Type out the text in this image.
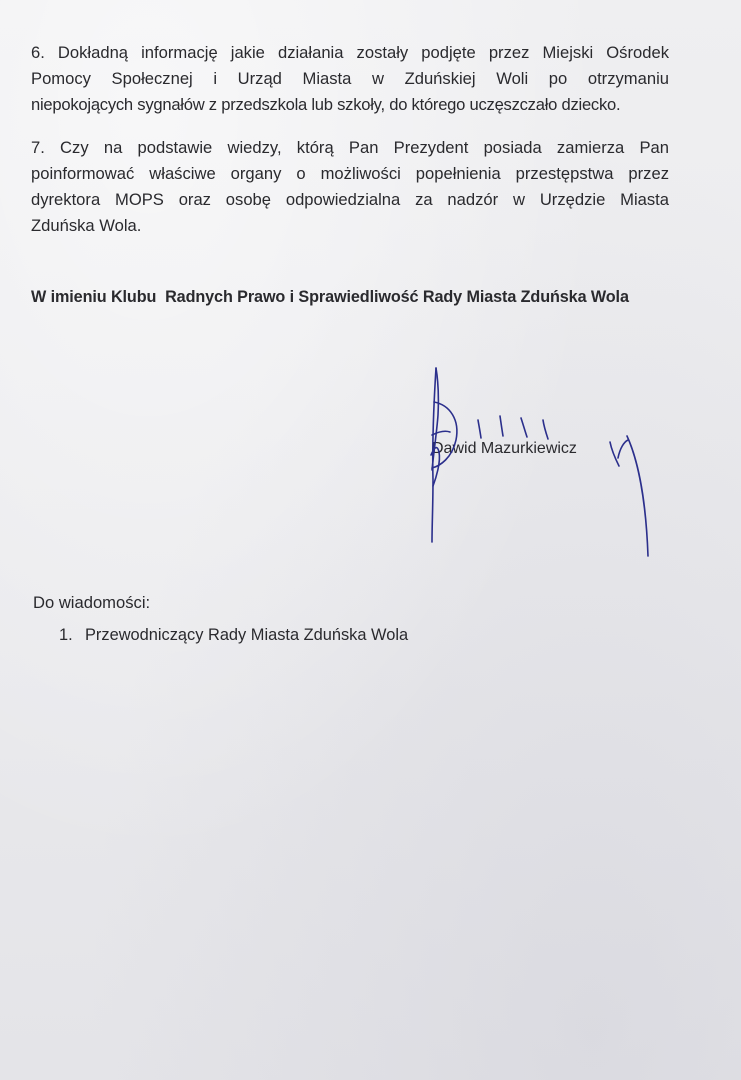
6. Dokładną informację jakie działania zostały podjęte przez Miejski Ośrodek
Pomocy Społecznej i Urząd Miasta w Zduńskiej Woli po otrzymaniu
niepokojących sygnałów z przedszkola lub szkoły, do którego uczęszczało dziecko.
7. Czy na podstawie wiedzy, którą Pan Prezydent posiada zamierza Pan
poinformować właściwe organy o możliwości popełnienia przestępstwa przez
dyrektora MOPS oraz osobę odpowiedzialna za nadzór w Urzędzie Miasta
Zduńska Wola.
W imieniu Klubu  Radnych Prawo i Sprawiedliwość Rady Miasta Zduńska Wola
Dawid Mazurkiewicz
Do wiadomości:
1. Przewodniczący Rady Miasta Zduńska Wola
